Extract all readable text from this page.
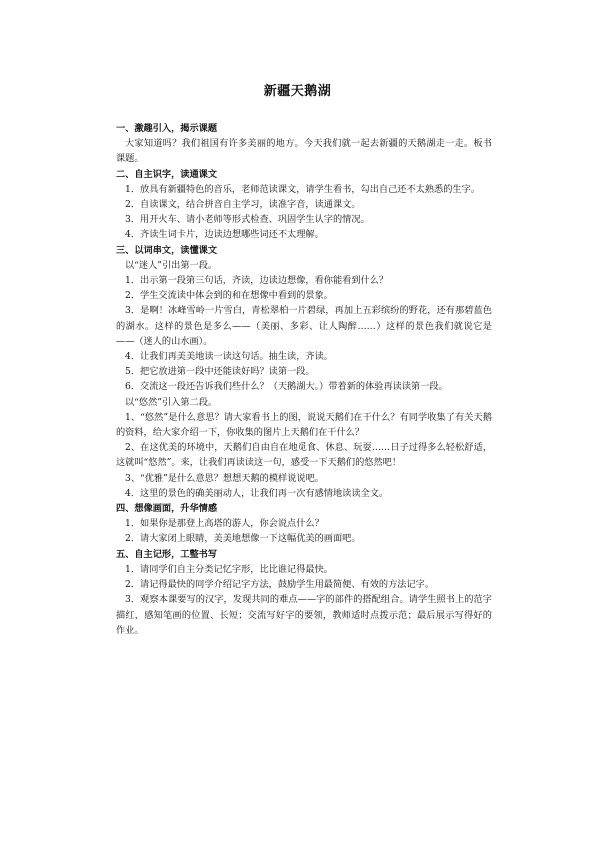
新疆天鹅湖
一、激趣引入，揭示课题
大家知道吗？我们祖国有许多美丽的地方。今天我们就一起去新疆的天鹅湖走一走。板书课题。
二、自主识字，读通课文
1．放具有新疆特色的音乐，老师范读课文，请学生看书，勾出自己还不太熟悉的生字。
2．自读课文，结合拼音自主学习，读准字音，读通课文。
3．用开火车、请小老师等形式检查、巩固学生认字的情况。
4．齐读生词卡片，边读边想哪些词还不太理解。
三、以词串文，读懂课文
以“迷人”引出第一段。
1．出示第一段第三句话，齐读，边读边想像，看你能看到什么？
2．学生交流读中体会到的和在想像中看到的景象。
3．是啊！冰峰雪岭一片雪白，青松翠柏一片碧绿，再加上五彩缤纷的野花，还有那碧蓝色的湖水。这样的景色是多么——（美丽、多彩、让人陶醉……）这样的景色我们就说它是——（迷人的山水画）。
4．让我们再美美地读一读这句话。抽生读，齐读。
5．把它放进第一段中还能读好吗？读第一段。
6．交流这一段还告诉我们些什么？（天鹅湖大。）带着新的体验再读读第一段。
以“悠然”引入第二段。
1、“悠然”是什么意思？请大家看书上的图，说说天鹅们在干什么？有同学收集了有关天鹅的资料，给大家介绍一下，你收集的图片上天鹅们在干什么？
2、在这优美的环境中，天鹅们自由自在地觅食、休息、玩耍……日子过得多么轻松舒适，这就叫“悠然”。来，让我们再读读这一句，感受一下天鹅们的悠然吧！
3、“优雅”是什么意思？想想天鹅的模样说说吧。
4．这里的景色的确美丽动人，让我们再一次有感情地读读全文。
四、想像画面，升华情感
1．如果你是那登上高塔的游人，你会说点什么？
2．请大家闭上眼睛，美美地想像一下这幅优美的画面吧。
五、自主记形，工整书写
1．请同学们自主分类记忆字形，比比谁记得最快。
2．请记得最快的同学介绍记字方法，鼓励学生用最简便、有效的方法记字。
3．观察本课要写的汉字，发现共同的难点——字的部件的搭配组合。请学生照书上的范字描红，感知笔画的位置、长短；交流写好字的要领，教师适时点拨示范；最后展示写得好的作业。
